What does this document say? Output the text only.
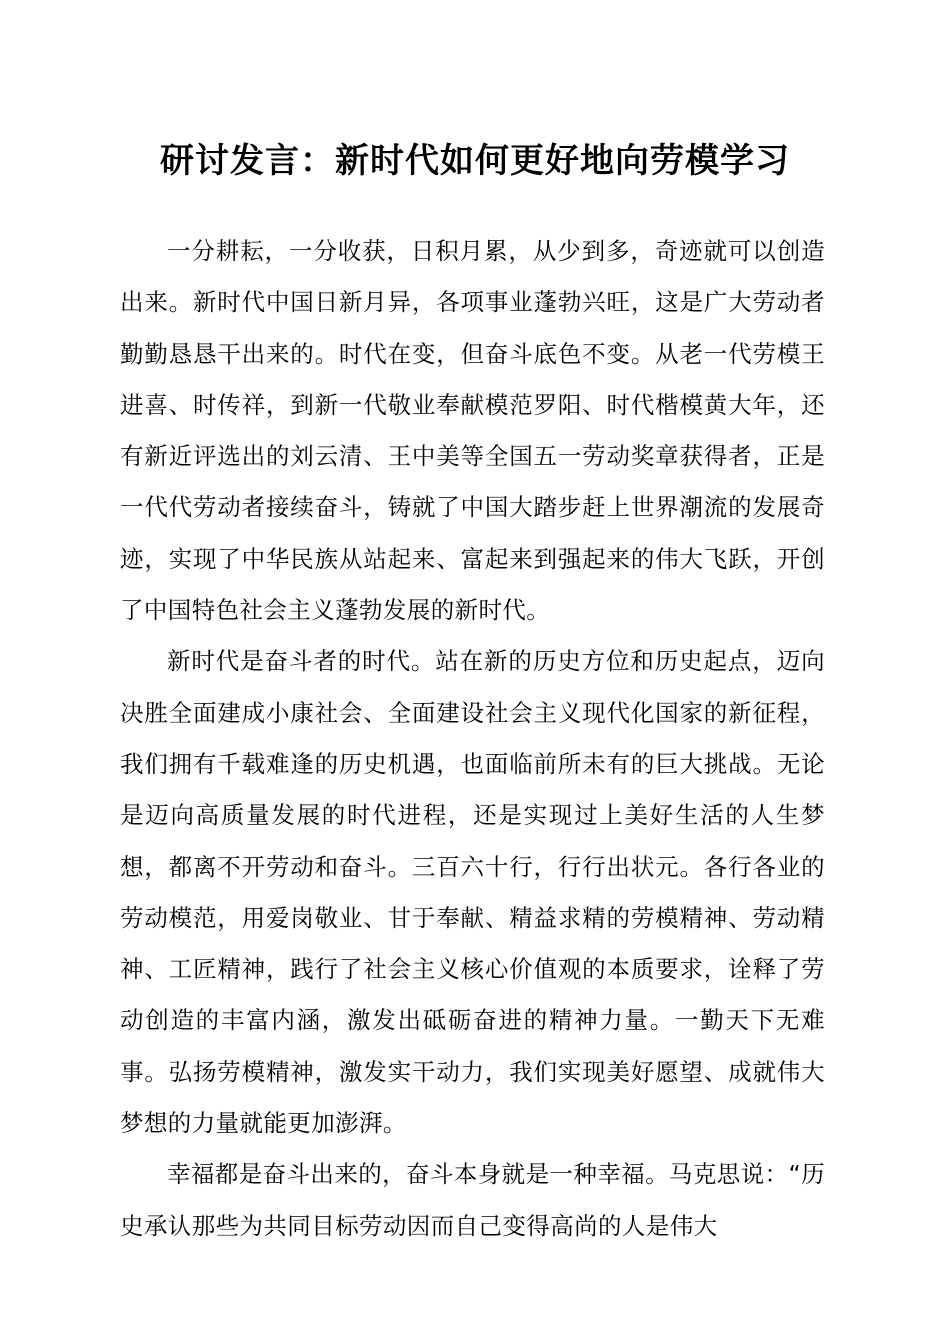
研讨发言：新时代如何更好地向劳模学习

一分耕耘，一分收获，日积月累，从少到多，奇迹就可以创造出来。新时代中国日新月异，各项事业蓬勃兴旺，这是广大劳动者勤勤恳恳干出来的。时代在变，但奋斗底色不变。从老一代劳模王进喜、时传祥，到新一代敬业奉献模范罗阳、时代楷模黄大年，还有新近评选出的刘云清、王中美等全国五一劳动奖章获得者，正是一代代劳动者接续奋斗，铸就了中国大踏步赶上世界潮流的发展奇迹，实现了中华民族从站起来、富起来到强起来的伟大飞跃，开创了中国特色社会主义蓬勃发展的新时代。

新时代是奋斗者的时代。站在新的历史方位和历史起点，迈向决胜全面建成小康社会、全面建设社会主义现代化国家的新征程，我们拥有千载难逢的历史机遇，也面临前所未有的巨大挑战。无论是迈向高质量发展的时代进程，还是实现过上美好生活的人生梦想，都离不开劳动和奋斗。三百六十行，行行出状元。各行各业的劳动模范，用爱岗敬业、甘于奉献、精益求精的劳模精神、劳动精神、工匠精神，践行了社会主义核心价值观的本质要求，诠释了劳动创造的丰富内涵，激发出砥砺奋进的精神力量。一勤天下无难事。弘扬劳模精神，激发实干动力，我们实现美好愿望、成就伟大梦想的力量就能更加澎湃。

幸福都是奋斗出来的，奋斗本身就是一种幸福。马克思说：“历史承认那些为共同目标劳动因而自己变得高尚的人是伟大
